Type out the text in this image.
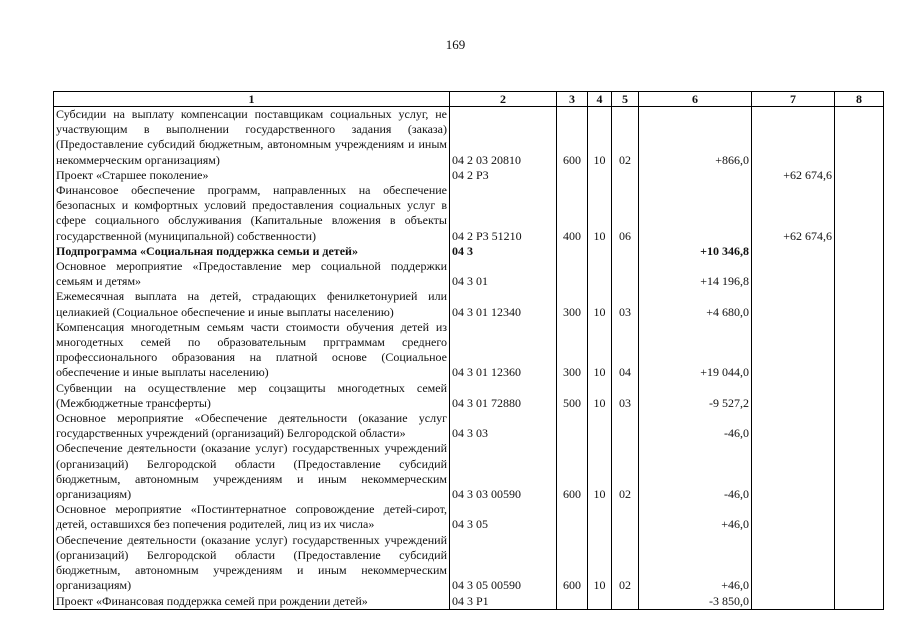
169
1	2	3	4	5	6	7	8
Субсидии на выплату компенсации поставщикам социальных услуг, не участвующим в выполнении государственного задания (заказа) (Предоставление субсидий бюджетным, автономным учреждениям и иным некоммерческим организациям)	04 2 03 20810	600	10	02	+866,0		
Проект «Старшее поколение»	04 2 P3					+62 674,6	
Финансовое обеспечение программ, направленных на обеспечение безопасных и комфортных условий предоставления социальных услуг в сфере социального обслуживания (Капитальные вложения в объекты государственной (муниципальной) собственности)	04 2 P3 51210	400	10	06		+62 674,6	
Подпрограмма «Социальная поддержка семьи и детей»	04 3				+10 346,8		
Основное мероприятие «Предоставление мер социальной поддержки семьям и детям»	04 3 01				+14 196,8		
Ежемесячная выплата на детей, страдающих фенилкетонурией или целиакией (Социальное обеспечение и иные выплаты населению)	04 3 01 12340	300	10	03	+4 680,0		
Компенсация многодетным семьям части стоимости обучения детей из многодетных семей по образовательным пргграммам среднего профессионального образования на платной основе (Социальное обеспечение и иные выплаты населению)	04 3 01 12360	300	10	04	+19 044,0		
Субвенции на осуществление мер соцзащиты многодетных семей (Межбюджетные трансферты)	04 3 01 72880	500	10	03	-9 527,2		
Основное мероприятие «Обеспечение деятельности (оказание услуг государственных учреждений (организаций) Белгородской области»	04 3 03				-46,0		
Обеспечение деятельности (оказание услуг) государственных учреждений (организаций) Белгородской области (Предоставление субсидий бюджетным, автономным учреждениям и иным некоммерческим организациям)	04 3 03 00590	600	10	02	-46,0		
Основное мероприятие «Постинтернатное сопровождение детей-сирот, детей, оставшихся без попечения родителей, лиц из их числа»	04 3 05				+46,0		
Обеспечение деятельности (оказание услуг) государственных учреждений (организаций) Белгородской области (Предоставление субсидий бюджетным, автономным учреждениям и иным некоммерческим организациям)	04 3 05 00590	600	10	02	+46,0		
Проект «Финансовая поддержка семей при рождении детей»	04 3 P1				-3 850,0		
